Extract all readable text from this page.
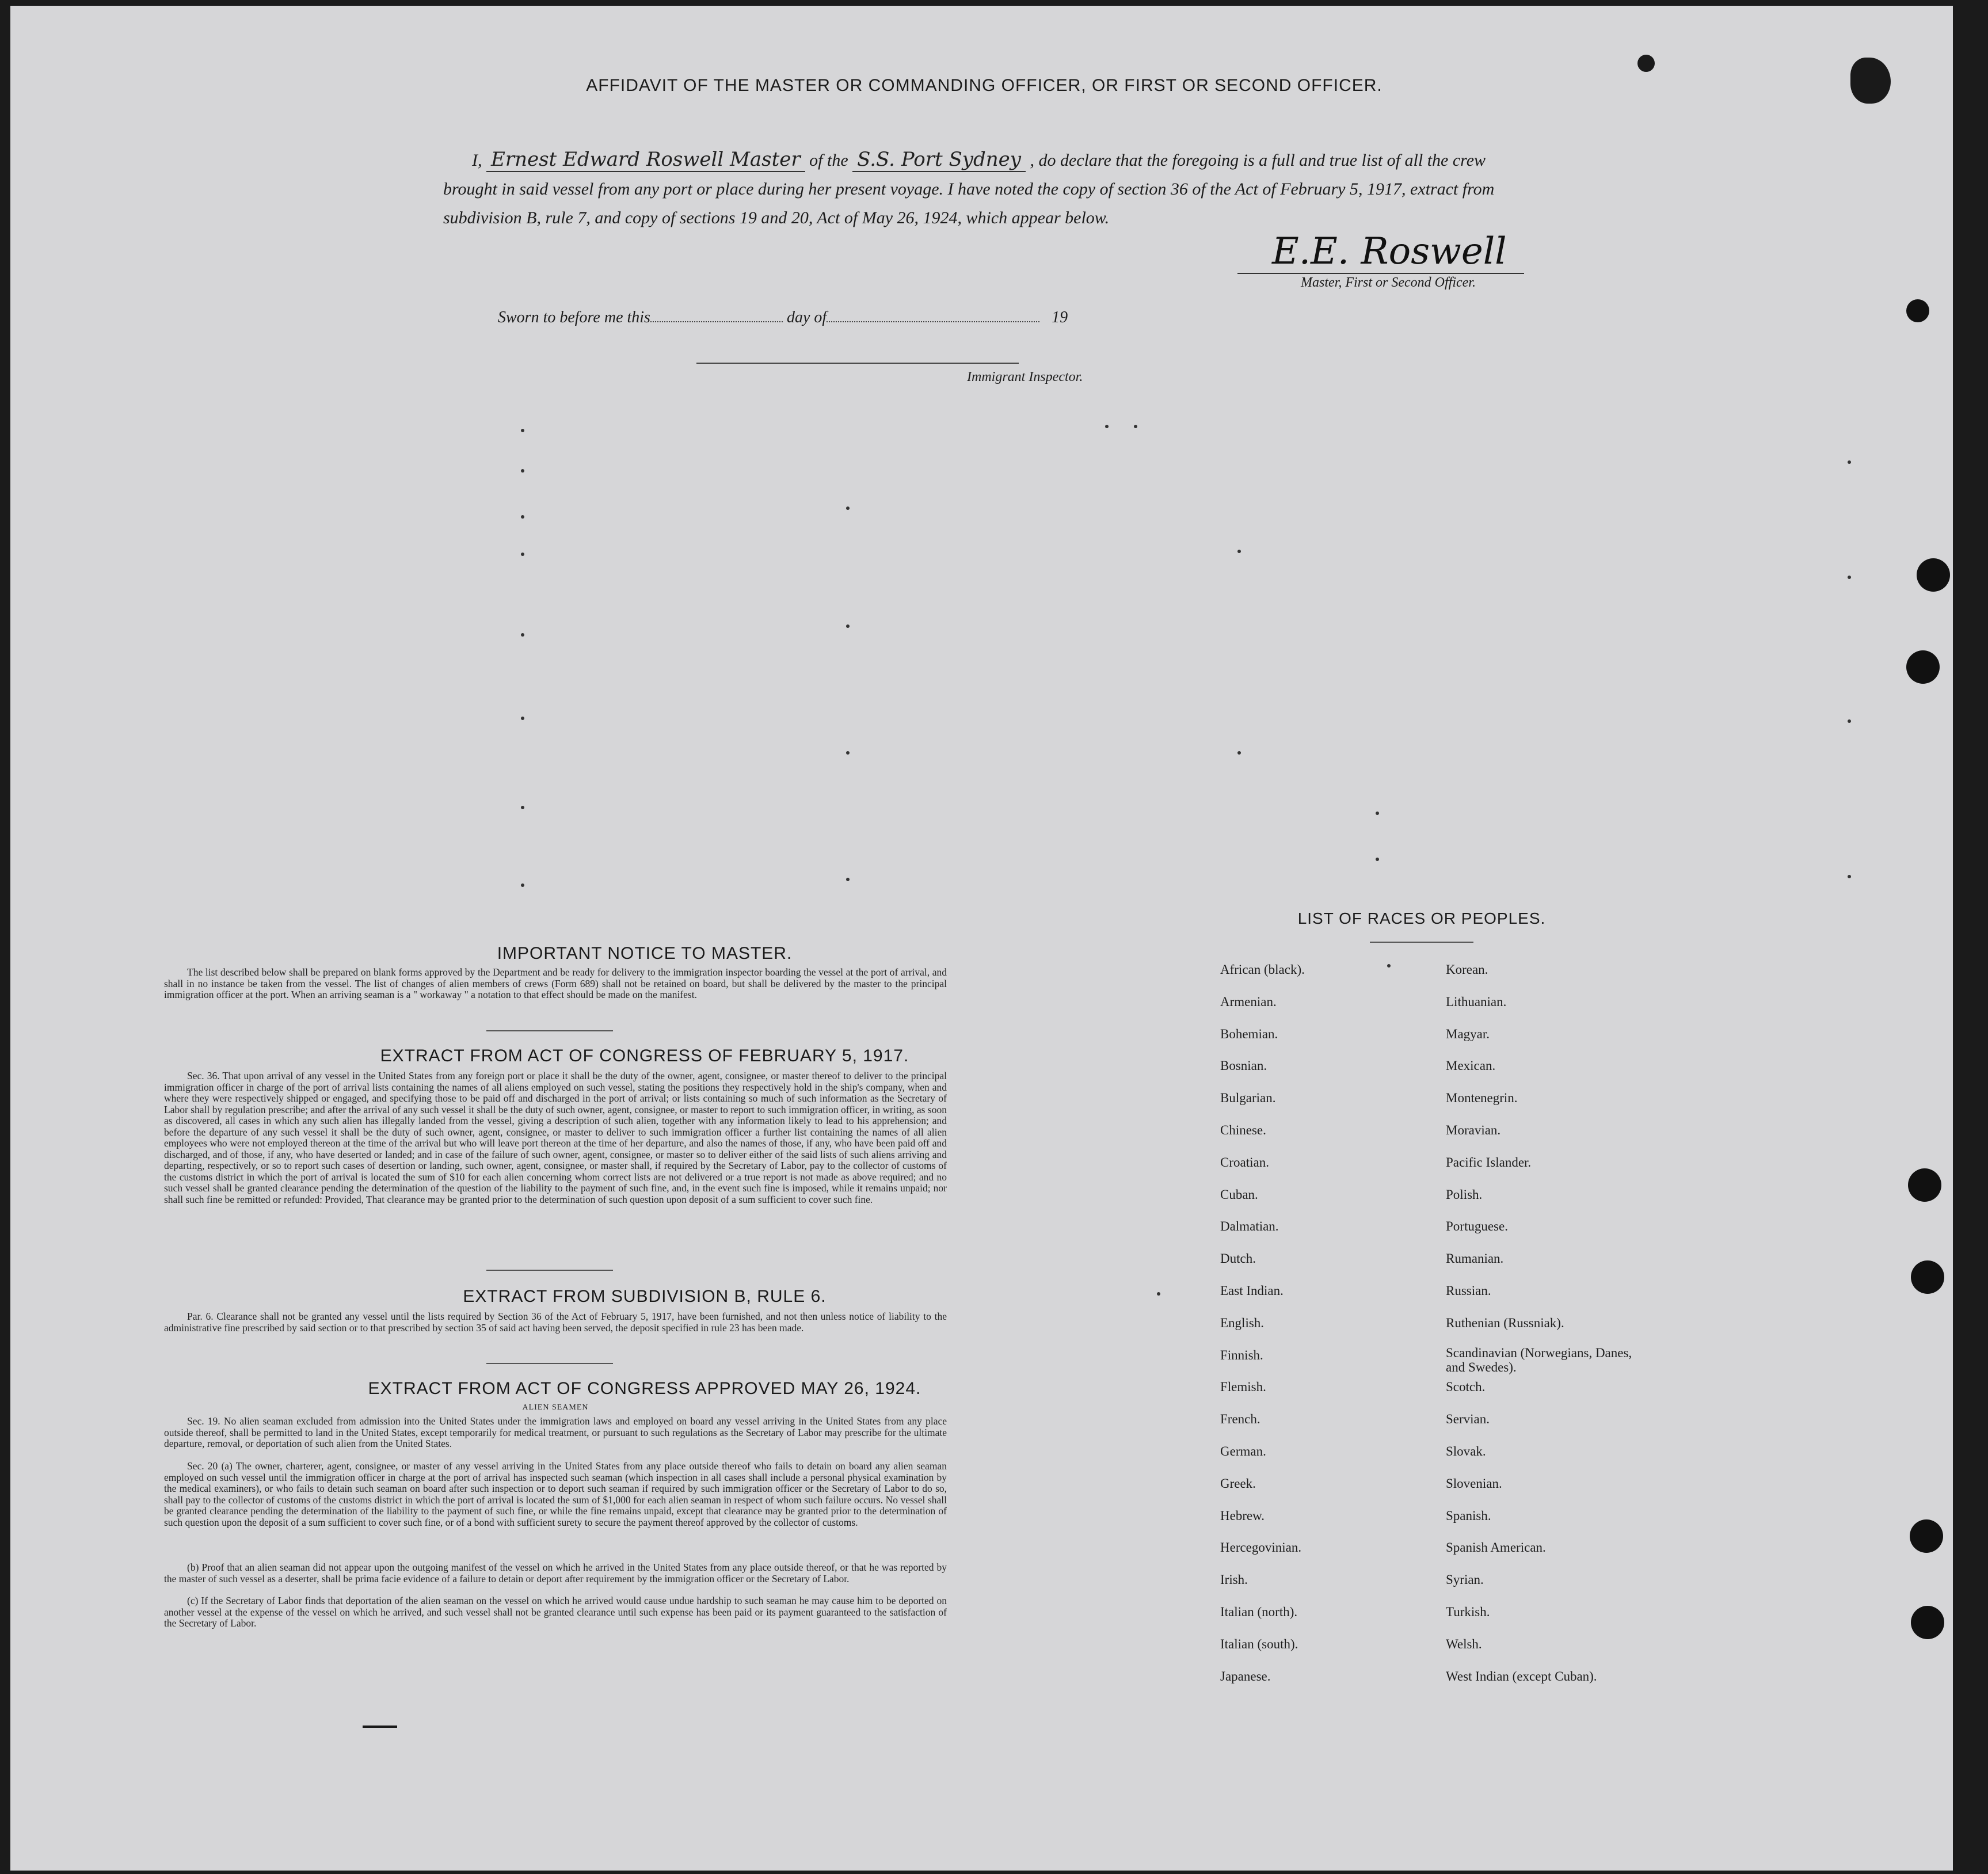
AFFIDAVIT OF THE MASTER OR COMMANDING OFFICER, OR FIRST OR SECOND OFFICER.
I, Ernest Edward Roswell Master of the S.S. Port Sydney , do declare that the foregoing is a full and true list of all the crew brought in said vessel from any port or place during her present voyage. I have noted the copy of section 36 of the Act of February 5, 1917, extract from subdivision B, rule 7, and copy of sections 19 and 20, Act of May 26, 1924, which appear below.
E.E. Roswell
Master, First or Second Officer.
Sworn to before me this	day of	19
Immigrant Inspector.
IMPORTANT NOTICE TO MASTER.
The list described below shall be prepared on blank forms approved by the Department and be ready for delivery to the immigration inspector boarding the vessel at the port of arrival, and shall in no instance be taken from the vessel. The list of changes of alien members of crews (Form 689) shall not be retained on board, but shall be delivered by the master to the principal immigration officer at the port. When an arriving seaman is a " workaway " a notation to that effect should be made on the manifest.
EXTRACT FROM ACT OF CONGRESS OF FEBRUARY 5, 1917.
Sec. 36. That upon arrival of any vessel in the United States from any foreign port or place it shall be the duty of the owner, agent, consignee, or master thereof to deliver to the principal immigration officer in charge of the port of arrival lists containing the names of all aliens employed on such vessel, stating the positions they respectively hold in the ship's company, when and where they were respectively shipped or engaged, and specifying those to be paid off and discharged in the port of arrival; or lists containing so much of such information as the Secretary of Labor shall by regulation prescribe; and after the arrival of any such vessel it shall be the duty of such owner, agent, consignee, or master to report to such immigration officer, in writing, as soon as discovered, all cases in which any such alien has illegally landed from the vessel, giving a description of such alien, together with any information likely to lead to his apprehension; and before the departure of any such vessel it shall be the duty of such owner, agent, consignee, or master to deliver to such immigration officer a further list containing the names of all alien employees who were not employed thereon at the time of the arrival but who will leave port thereon at the time of her departure, and also the names of those, if any, who have been paid off and discharged, and of those, if any, who have deserted or landed; and in case of the failure of such owner, agent, consignee, or master so to deliver either of the said lists of such aliens arriving and departing, respectively, or so to report such cases of desertion or landing, such owner, agent, consignee, or master shall, if required by the Secretary of Labor, pay to the collector of customs of the customs district in which the port of arrival is located the sum of $10 for each alien concerning whom correct lists are not delivered or a true report is not made as above required; and no such vessel shall be granted clearance pending the determination of the question of the liability to the payment of such fine, and, in the event such fine is imposed, while it remains unpaid; nor shall such fine be remitted or refunded: Provided, That clearance may be granted prior to the determination of such question upon deposit of a sum sufficient to cover such fine.
EXTRACT FROM SUBDIVISION B, RULE 6.
Par. 6. Clearance shall not be granted any vessel until the lists required by Section 36 of the Act of February 5, 1917, have been furnished, and not then unless notice of liability to the administrative fine prescribed by said section or to that prescribed by section 35 of said act having been served, the deposit specified in rule 23 has been made.
EXTRACT FROM ACT OF CONGRESS APPROVED MAY 26, 1924.
ALIEN SEAMEN
Sec. 19. No alien seaman excluded from admission into the United States under the immigration laws and employed on board any vessel arriving in the United States from any place outside thereof, shall be permitted to land in the United States, except temporarily for medical treatment, or pursuant to such regulations as the Secretary of Labor may prescribe for the ultimate departure, removal, or deportation of such alien from the United States.
Sec. 20 (a) The owner, charterer, agent, consignee, or master of any vessel arriving in the United States from any place outside thereof who fails to detain on board any alien seaman employed on such vessel until the immigration officer in charge at the port of arrival has inspected such seaman (which inspection in all cases shall include a personal physical examination by the medical examiners), or who fails to detain such seaman on board after such inspection or to deport such seaman if required by such immigration officer or the Secretary of Labor to do so, shall pay to the collector of customs of the customs district in which the port of arrival is located the sum of $1,000 for each alien seaman in respect of whom such failure occurs. No vessel shall be granted clearance pending the determination of the liability to the payment of such fine, or while the fine remains unpaid, except that clearance may be granted prior to the determination of such question upon the deposit of a sum sufficient to cover such fine, or of a bond with sufficient surety to secure the payment thereof approved by the collector of customs.
(b) Proof that an alien seaman did not appear upon the outgoing manifest of the vessel on which he arrived in the United States from any place outside thereof, or that he was reported by the master of such vessel as a deserter, shall be prima facie evidence of a failure to detain or deport after requirement by the immigration officer or the Secretary of Labor.
(c) If the Secretary of Labor finds that deportation of the alien seaman on the vessel on which he arrived would cause undue hardship to such seaman he may cause him to be deported on another vessel at the expense of the vessel on which he arrived, and such vessel shall not be granted clearance until such expense has been paid or its payment guaranteed to the satisfaction of the Secretary of Labor.
LIST OF RACES OR PEOPLES.
African (black).
Armenian.
Bohemian.
Bosnian.
Bulgarian.
Chinese.
Croatian.
Cuban.
Dalmatian.
Dutch.
East Indian.
English.
Finnish.
Flemish.
French.
German.
Greek.
Hebrew.
Hercegovinian.
Irish.
Italian (north).
Italian (south).
Japanese.
Korean.
Lithuanian.
Magyar.
Mexican.
Montenegrin.
Moravian.
Pacific Islander.
Polish.
Portuguese.
Rumanian.
Russian.
Ruthenian (Russniak).
Scandinavian (Norwegians, Danes, and Swedes).
Scotch.
Servian.
Slovak.
Slovenian.
Spanish.
Spanish American.
Syrian.
Turkish.
Welsh.
West Indian (except Cuban).
